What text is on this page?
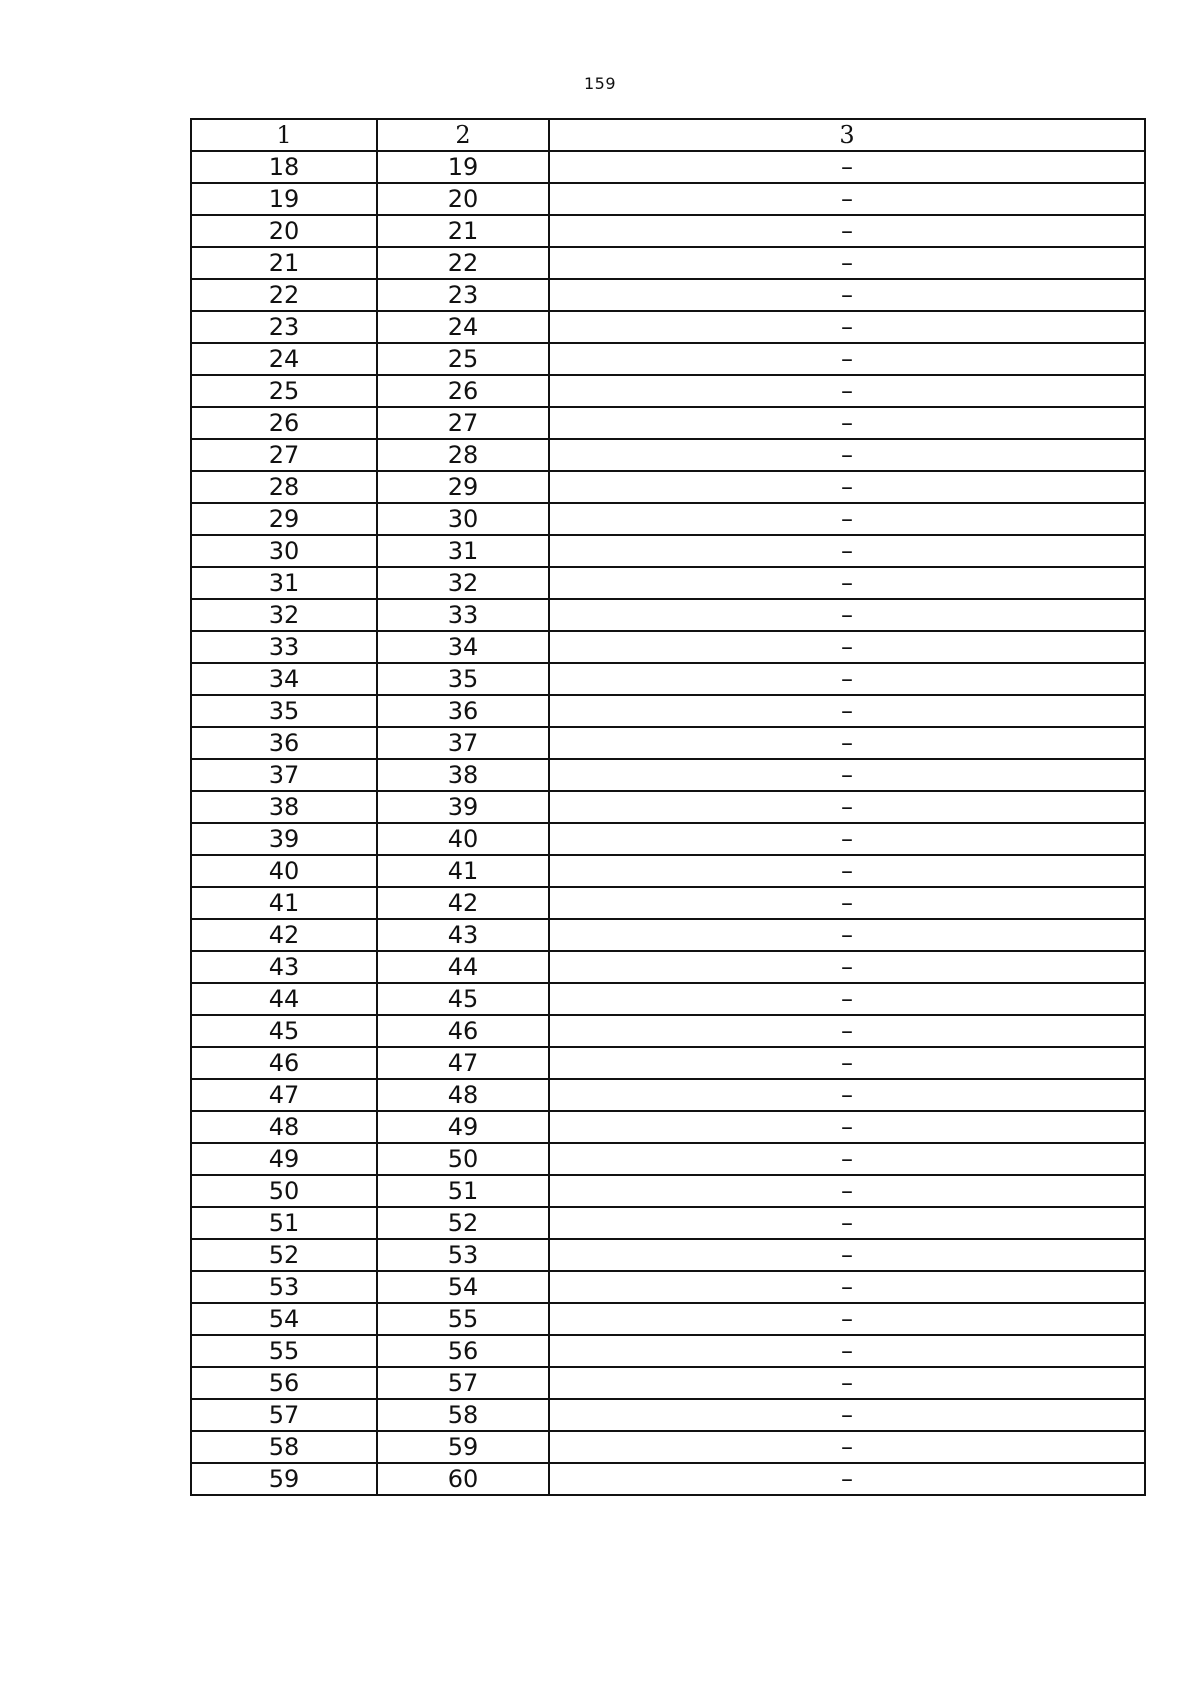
159
1	2	3
18	19	–
19	20	–
20	21	–
21	22	–
22	23	–
23	24	–
24	25	–
25	26	–
26	27	–
27	28	–
28	29	–
29	30	–
30	31	–
31	32	–
32	33	–
33	34	–
34	35	–
35	36	–
36	37	–
37	38	–
38	39	–
39	40	–
40	41	–
41	42	–
42	43	–
43	44	–
44	45	–
45	46	–
46	47	–
47	48	–
48	49	–
49	50	–
50	51	–
51	52	–
52	53	–
53	54	–
54	55	–
55	56	–
56	57	–
57	58	–
58	59	–
59	60	–
